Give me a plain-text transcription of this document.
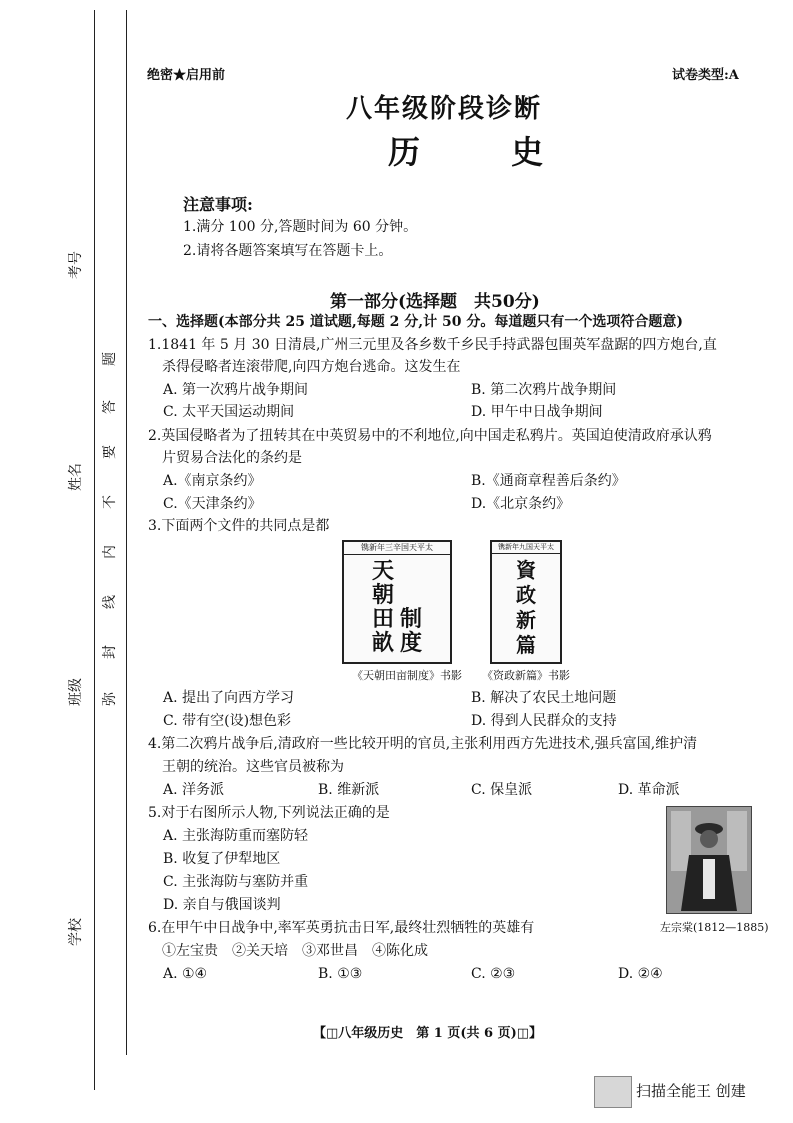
考号
姓名
班级
学校
题
答
要
不
内
线
封
弥
绝密★启用前	试卷类型:A
八年级阶段诊断
历 史
注意事项:
1.满分 100 分,答题时间为 60 分钟。
2.请将各题答案填写在答题卡上。
第一部分(选择题　共50分)
一、选择题(本部分共 25 道试题,每题 2 分,计 50 分。每道题只有一个选项符合题意)
1.1841 年 5 月 30 日清晨,广州三元里及各乡数千乡民手持武器包围英军盘踞的四方炮台,直
　杀得侵略者连滚带爬,向四方炮台逃命。这发生在
A. 第一次鸦片战争期间	B. 第二次鸦片战争期间
C. 太平天国运动期间	D. 甲午中日战争期间
2.英国侵略者为了扭转其在中英贸易中的不利地位,向中国走私鸦片。英国迫使清政府承认鸦
　片贸易合法化的条约是
A.《南京条约》	B.《通商章程善后条约》
C.《天津条约》	D.《北京条约》
3.下面两个文件的共同点是都
镌新年三辛国天平太
天
朝
田
畝
制
度
《天朝田亩制度》书影
镌新年九国天平太
資
政
新
篇
《资政新篇》书影
A. 提出了向西方学习	B. 解决了农民土地问题
C. 带有空(设)想色彩	D. 得到人民群众的支持
4.第二次鸦片战争后,清政府一些比较开明的官员,主张利用西方先进技术,强兵富国,维护清
　王朝的统治。这些官员被称为
A. 洋务派	B. 维新派	C. 保皇派	D. 革命派
5.对于右图所示人物,下列说法正确的是
A. 主张海防重而塞防轻
B. 收复了伊犁地区
C. 主张海防与塞防并重
D. 亲自与俄国谈判
左宗棠(1812—1885)
6.在甲午中日战争中,率军英勇抗击日军,最终壮烈牺牲的英雄有
　①左宝贵　②关天培　③邓世昌　④陈化成
A. ①④	B. ①③	C. ②③	D. ②④
【◫八年级历史　第 1 页(共 6 页)◫】
扫描全能王 创建
